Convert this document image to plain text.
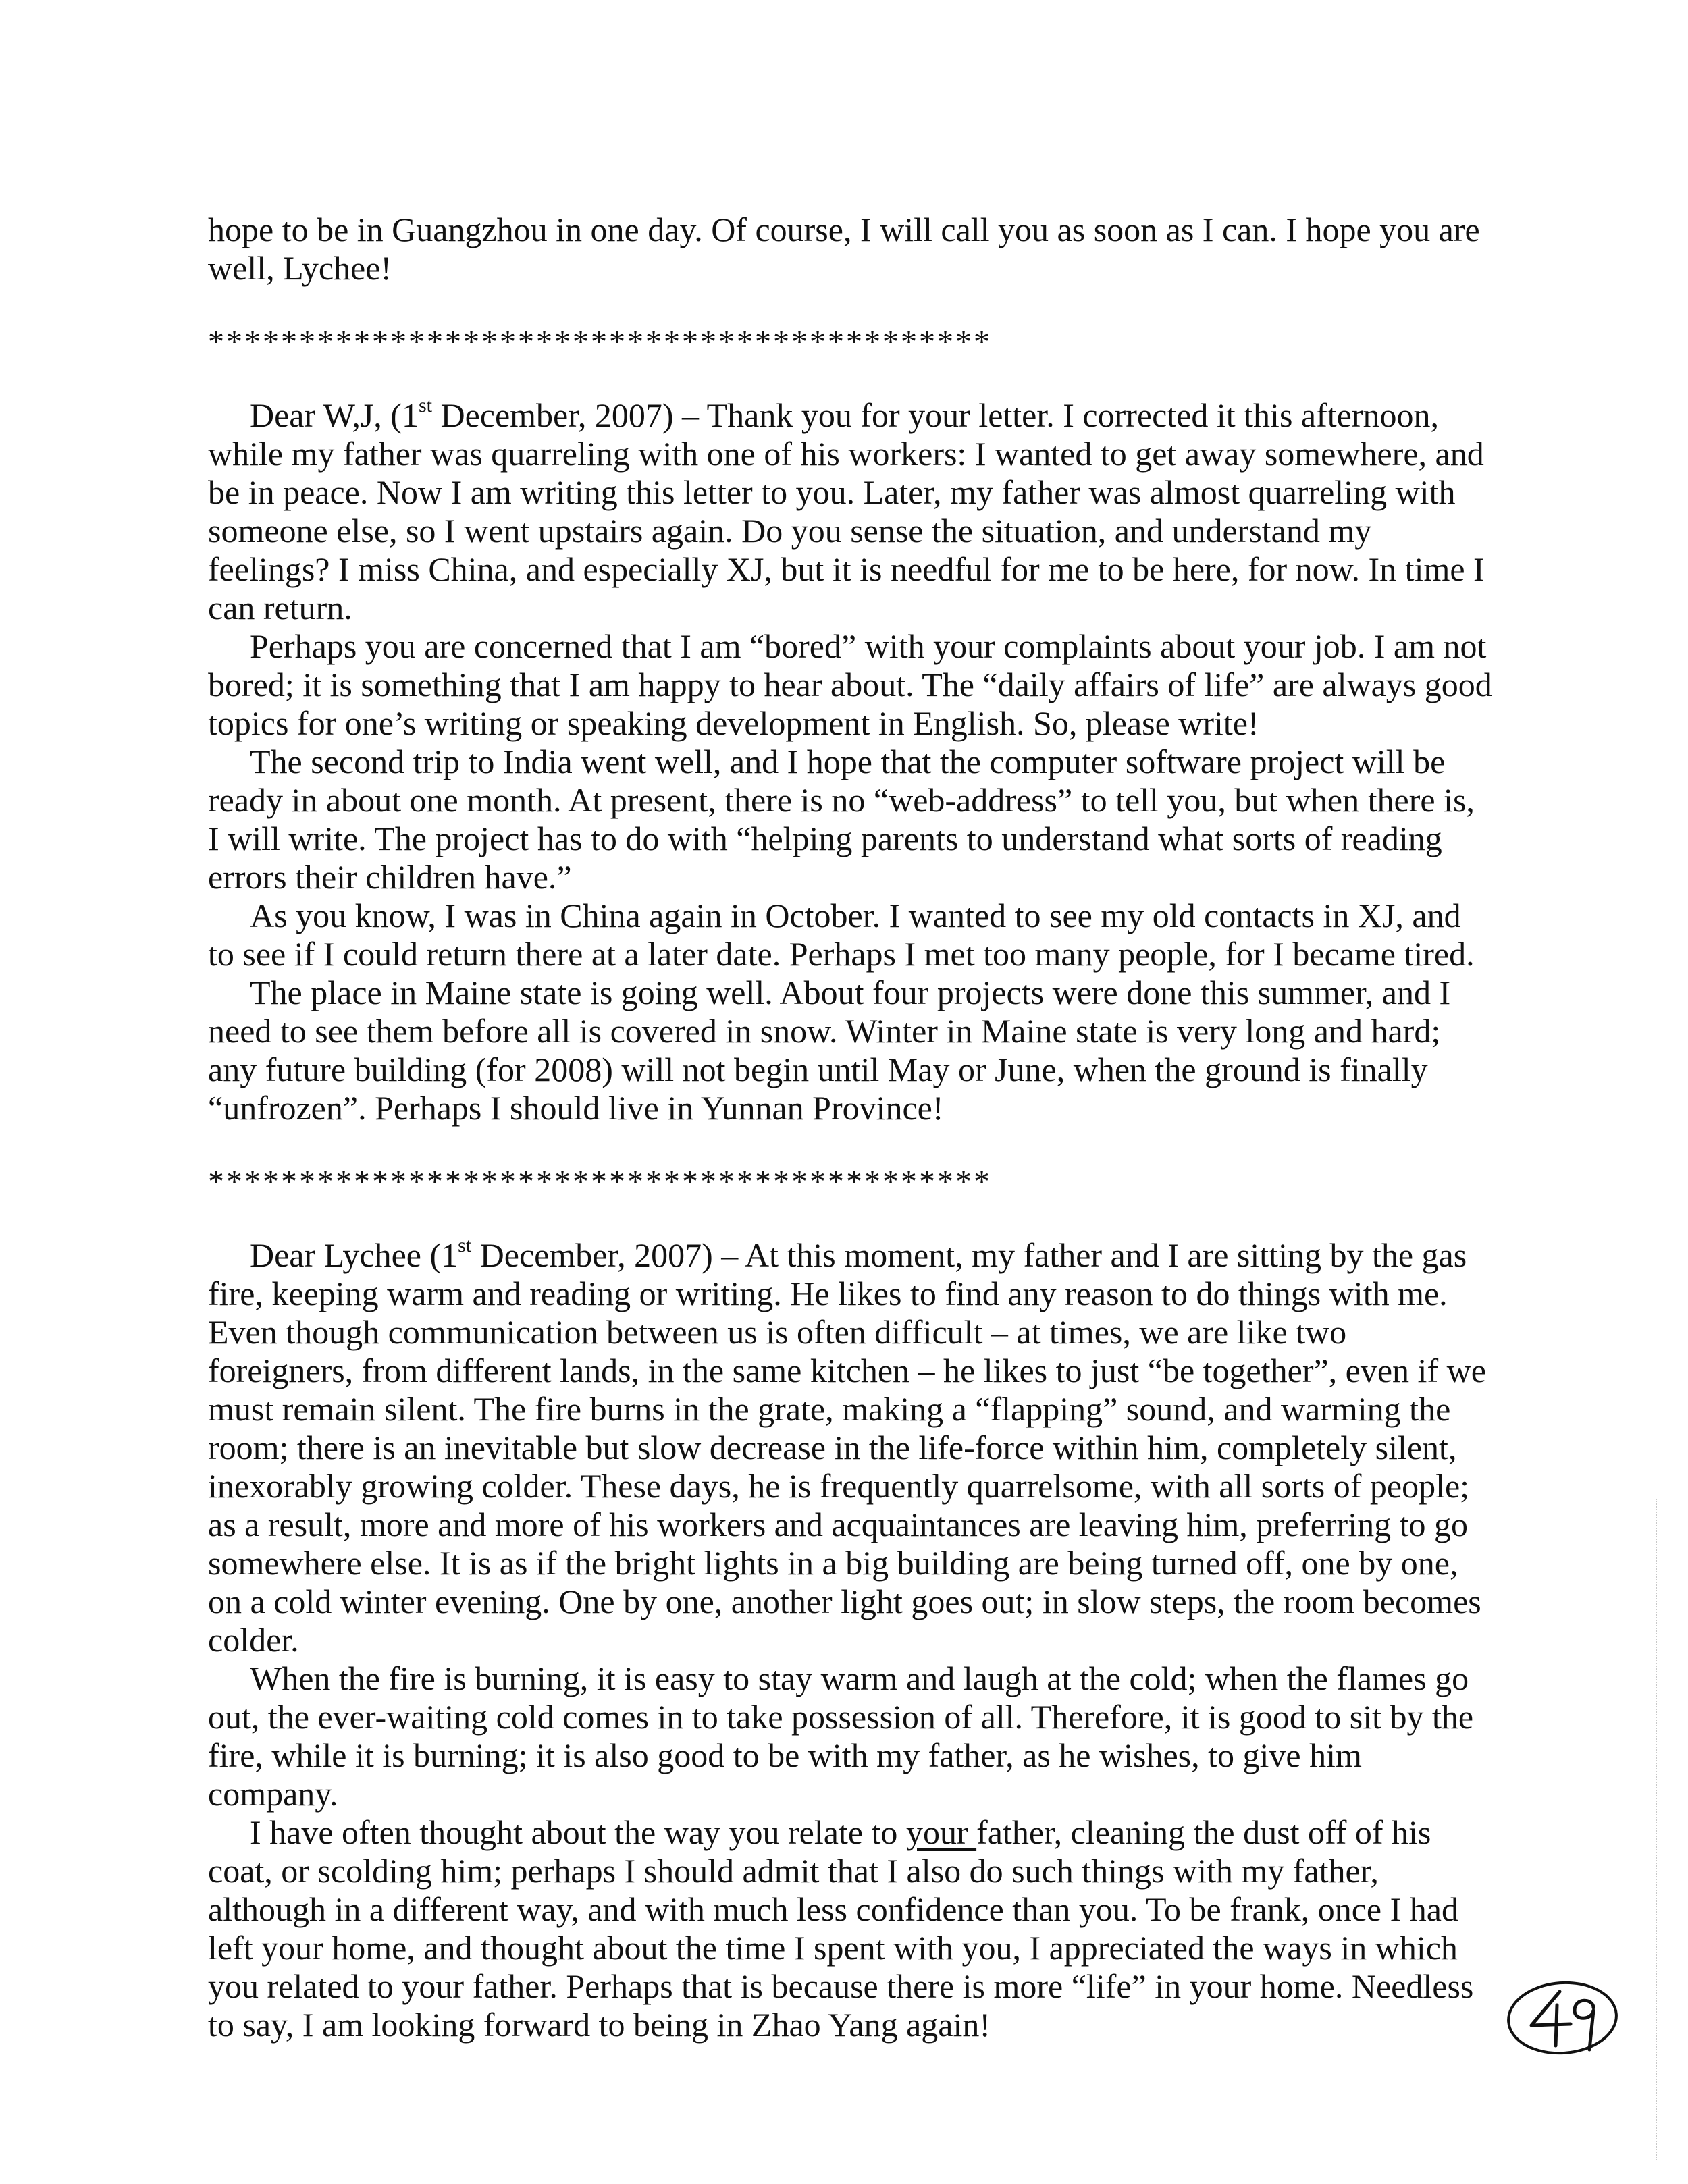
hope to be in Guangzhou in one day. Of course, I will call you as soon as I can. I hope you are well, Lychee!

*******************************************

Dear W,J, (1st December, 2007) – Thank you for your letter. I corrected it this afternoon, while my father was quarreling with one of his workers: I wanted to get away somewhere, and be in peace. Now I am writing this letter to you. Later, my father was almost quarreling with someone else, so I went upstairs again. Do you sense the situation, and understand my feelings? I miss China, and especially XJ, but it is needful for me to be here, for now. In time I can return.

Perhaps you are concerned that I am “bored” with your complaints about your job. I am not bored; it is something that I am happy to hear about. The “daily affairs of life” are always good topics for one’s writing or speaking development in English. So, please write!

The second trip to India went well, and I hope that the computer software project will be ready in about one month. At present, there is no “web-address” to tell you, but when there is, I will write. The project has to do with “helping parents to understand what sorts of reading errors their children have.”

As you know, I was in China again in October. I wanted to see my old contacts in XJ, and to see if I could return there at a later date. Perhaps I met too many people, for I became tired.

The place in Maine state is going well. About four projects were done this summer, and I need to see them before all is covered in snow. Winter in Maine state is very long and hard; any future building (for 2008) will not begin until May or June, when the ground is finally “unfrozen”. Perhaps I should live in Yunnan Province!

*******************************************

Dear Lychee (1st December, 2007) – At this moment, my father and I are sitting by the gas fire, keeping warm and reading or writing. He likes to find any reason to do things with me. Even though communication between us is often difficult – at times, we are like two foreigners, from different lands, in the same kitchen – he likes to just “be together”, even if we must remain silent. The fire burns in the grate, making a “flapping” sound, and warming the room; there is an inevitable but slow decrease in the life-force within him, completely silent, inexorably growing colder. These days, he is frequently quarrelsome, with all sorts of people; as a result, more and more of his workers and acquaintances are leaving him, preferring to go somewhere else. It is as if the bright lights in a big building are being turned off, one by one, on a cold winter evening. One by one, another light goes out; in slow steps, the room becomes colder.

When the fire is burning, it is easy to stay warm and laugh at the cold; when the flames go out, the ever-waiting cold comes in to take possession of all. Therefore, it is good to sit by the fire, while it is burning; it is also good to be with my father, as he wishes, to give him company.

I have often thought about the way you relate to your father, cleaning the dust off of his coat, or scolding him; perhaps I should admit that I also do such things with my father, although in a different way, and with much less confidence than you. To be frank, once I had left your home, and thought about the time I spent with you, I appreciated the ways in which you related to your father. Perhaps that is because there is more “life” in your home. Needless to say, I am looking forward to being in Zhao Yang again!
